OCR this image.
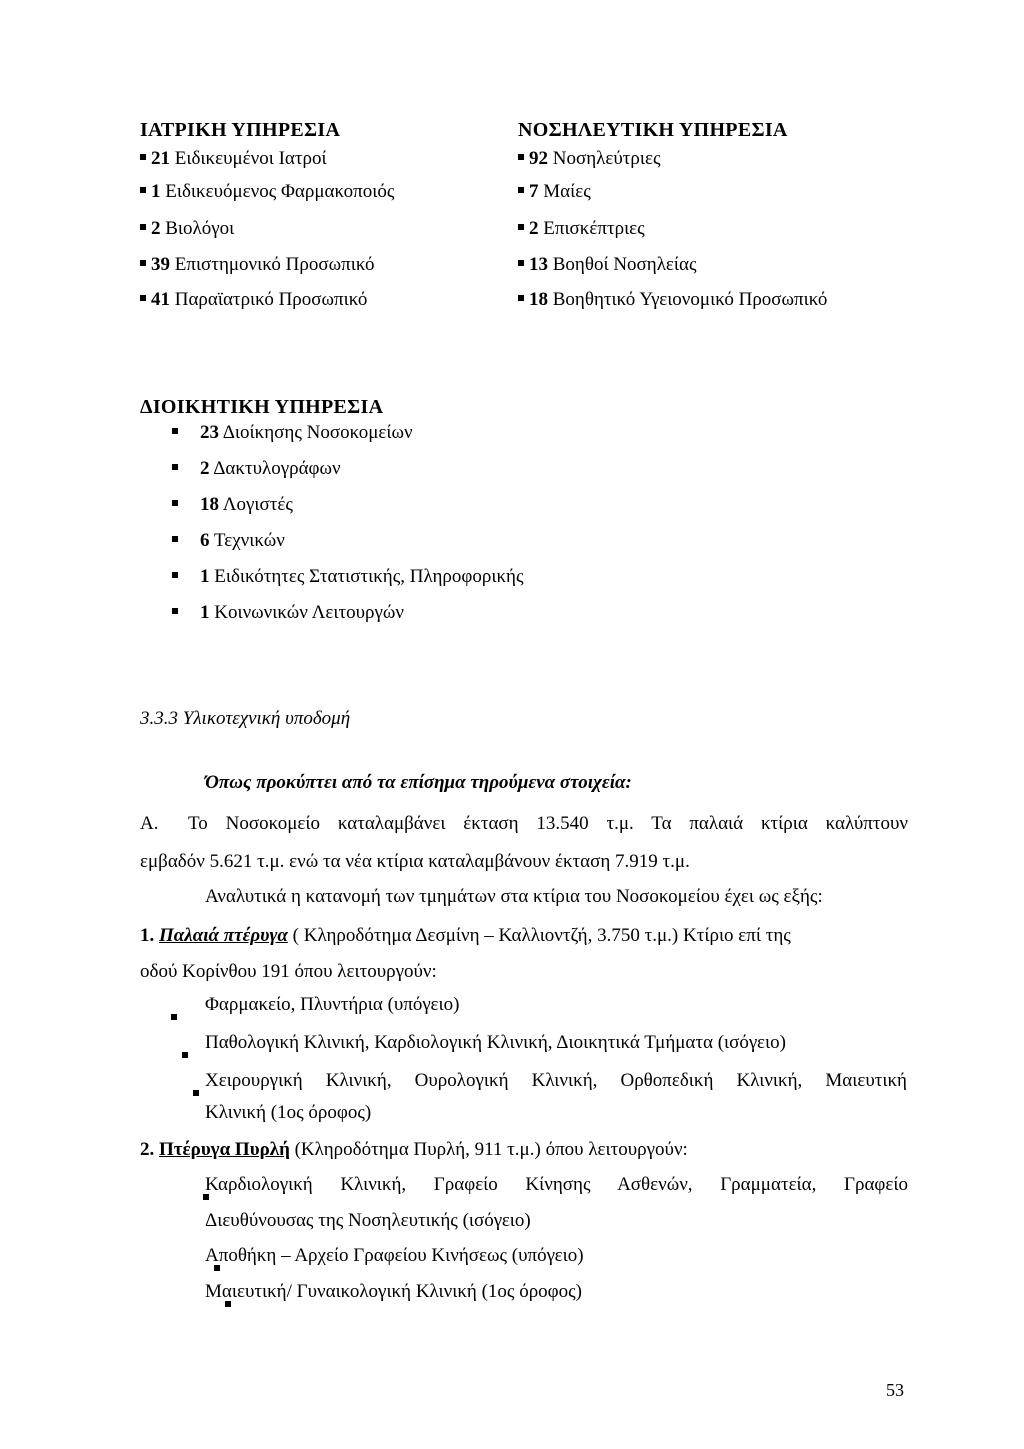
ΙΑΤΡΙΚΗ ΥΠΗΡΕΣΙΑ
21 Ειδικευμένοι Ιατροί
1 Ειδικευόμενος Φαρμακοποιός
2 Βιολόγοι
39 Επιστημονικό Προσωπικό
41 Παραϊατρικό Προσωπικό
ΝΟΣΗΛΕΥΤΙΚΗ ΥΠΗΡΕΣΙΑ
92 Νοσηλεύτριες
7 Μαίες
2 Επισκέπτριες
13 Βοηθοί Νοσηλείας
18 Βοηθητικό Υγειονομικό Προσωπικό
ΔΙΟΙΚΗΤΙΚΗ ΥΠΗΡΕΣΙΑ
23 Διοίκησης Νοσοκομείων
2 Δακτυλογράφων
18 Λογιστές
6 Τεχνικών
1 Ειδικότητες Στατιστικής, Πληροφορικής
1 Κοινωνικών Λειτουργών
3.3.3 Υλικοτεχνική υποδομή
Όπως προκύπτει από τα επίσημα τηρούμενα στοιχεία:
Α. Το Νοσοκομείο καταλαμβάνει έκταση 13.540 τ.μ. Τα παλαιά κτίρια καλύπτουν
εμβαδόν 5.621 τ.μ. ενώ τα νέα κτίρια καταλαμβάνουν έκταση 7.919 τ.μ.
Αναλυτικά η κατανομή των τμημάτων στα κτίρια του Νοσοκομείου έχει ως εξής:
1. Παλαιά πτέρυγα ( Κληροδότημα Δεσμίνη – Καλλιοντζή, 3.750 τ.μ.) Κτίριο επί της
οδού Κορίνθου 191 όπου λειτουργούν:

Φαρμακείο, Πλυντήρια (υπόγειο)

Παθολογική Κλινική, Καρδιολογική Κλινική, Διοικητικά Τμήματα (ισόγειο)

Χειρουργική Κλινική, Ουρολογική Κλινική, Ορθοπεδική Κλινική, Μαιευτική
Κλινική (1ος όροφος)
2. Πτέρυγα Πυρλή (Κληροδότημα Πυρλή, 911 τ.μ.) όπου λειτουργούν:

Καρδιολογική Κλινική, Γραφείο Κίνησης Ασθενών, Γραμματεία, Γραφείο
Διευθύνουσας της Νοσηλευτικής (ισόγειο)

Αποθήκη – Αρχείο Γραφείου Κινήσεως (υπόγειο)
Μαιευτική/ Γυναικολογική Κλινική (1ος όροφος)
53
